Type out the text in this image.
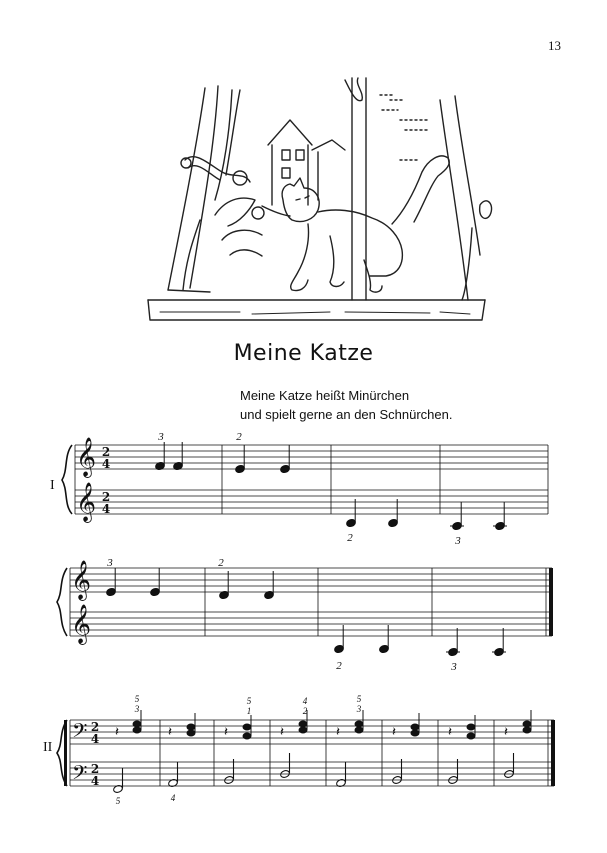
13
Meine Katze
Meine Katze heißt Minürchen
und spielt gerne an den Schnürchen.
I
II
𝄞
𝄞
𝄞
𝄞
𝄢
𝄢
2
4
2
4
2
4
2
4
𝄽	𝄽	𝄽	𝄽	𝄽	𝄽	𝄽	𝄽
3	2
2	3
3	2
2	3
5
3
5
1
4
2
5
3
5	4
